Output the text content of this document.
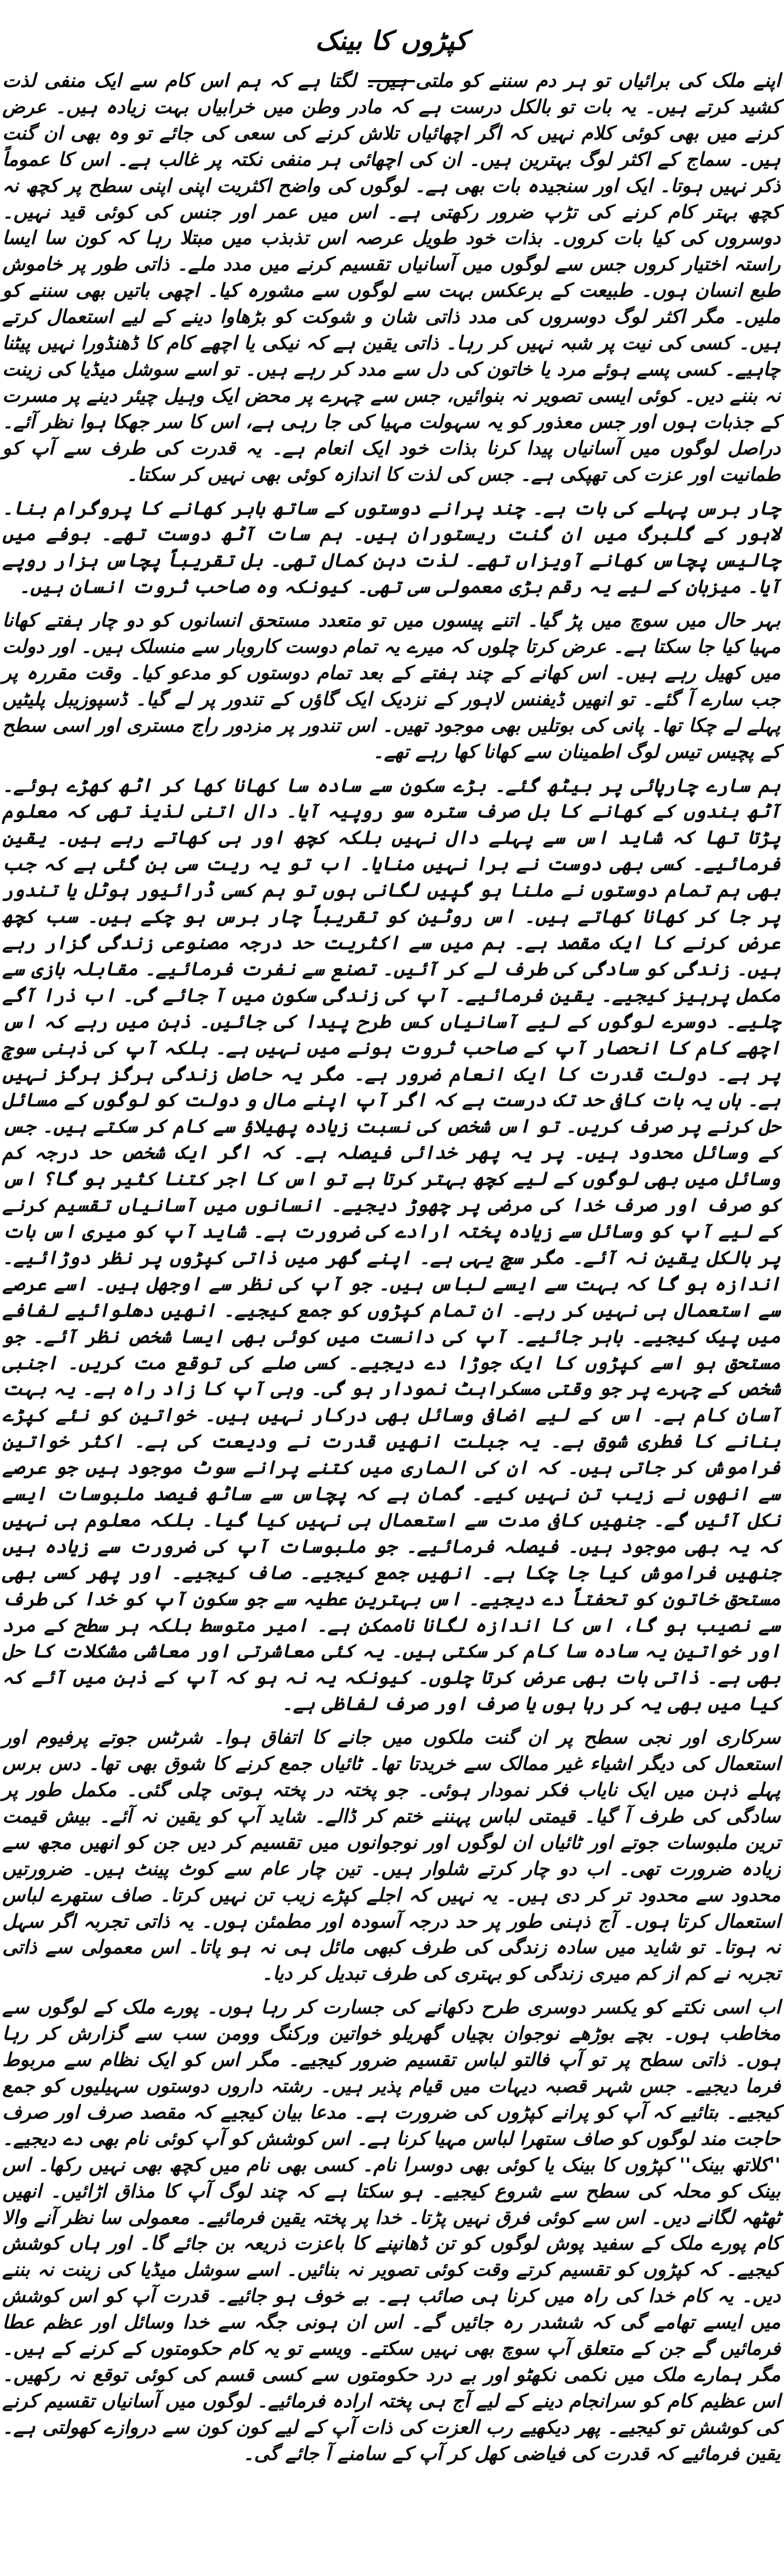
کپڑوں کا بینک

اپنے ملک کی برائیاں تو ہر دم سننے کو ملتی ہیں۔ لگتا ہے کہ ہم اس کام سے ایک منفی لذت کشید کرتے ہیں۔ یہ بات تو بالکل درست ہے کہ مادر وطن میں خرابیاں بہت زیادہ ہیں۔ عرض کرنے میں بھی کوئی کلام نہیں کہ اگر اچھائیاں تلاش کرنے کی سعی کی جائے تو وہ بھی ان گنت ہیں۔ سماج کے اکثر لوگ بہترین ہیں۔ ان کی اچھائی ہر منفی نکتہ پر غالب ہے۔ اس کا عموماً ذکر نہیں ہوتا۔ ایک اور سنجیدہ بات بھی ہے۔ لوگوں کی واضح اکثریت اپنی اپنی سطح پر کچھ نہ کچھ بہتر کام کرنے کی تڑپ ضرور رکھتی ہے۔ اس میں عمر اور جنس کی کوئی قید نہیں۔ دوسروں کی کیا بات کروں۔ بذات خود طویل عرصہ اس تذبذب میں مبتلا رہا کہ کون سا ایسا راستہ اختیار کروں جس سے لوگوں میں آسانیاں تقسیم کرنے میں مدد ملے۔ ذاتی طور پر خاموش طبع انسان ہوں۔ طبیعت کے برعکس بہت سے لوگوں سے مشورہ کیا۔ اچھی باتیں بھی سننے کو ملیں۔ مگر اکثر لوگ دوسروں کی مدد ذاتی شان و شوکت کو بڑھاوا دینے کے لیے استعمال کرتے ہیں۔ کسی کی نیت پر شبہ نہیں کر رہا۔ ذاتی یقین ہے کہ نیکی یا اچھے کام کا ڈھنڈورا نہیں پیٹنا چاہیے۔ کسی پسے ہوئے مرد یا خاتون کی دل سے مدد کر رہے ہیں۔ تو اسے سوشل میڈیا کی زینت نہ بننے دیں۔ کوئی ایسی تصویر نہ بنوائیں، جس سے چہرے پر محض ایک وہیل چیئر دینے پر مسرت کے جذبات ہوں اور جس معذور کو یہ سہولت مہیا کی جا رہی ہے، اس کا سر جھکا ہوا نظر آئے۔ دراصل لوگوں میں آسانیاں پیدا کرنا بذات خود ایک انعام ہے۔ یہ قدرت کی طرف سے آپ کو طمانیت اور عزت کی تھپکی ہے۔ جس کی لذت کا اندازہ کوئی بھی نہیں کر سکتا۔

چار برس پہلے کی بات ہے۔ چند پرانے دوستوں کے ساتھ باہر کھانے کا پروگرام بنا۔ لاہور کے گلبرگ میں ان گنت ریستوران ہیں۔ ہم سات آٹھ دوست تھے۔ بوفے میں چالیس پچاس کھانے آویزاں تھے۔ لذت دہن کمال تھی۔ بل تقریباً پچاس ہزار روپے آیا۔ میزبان کے لیے یہ رقم بڑی معمولی سی تھی۔ کیونکہ وہ صاحب ثروت انسان ہیں۔

بہر حال میں سوچ میں پڑ گیا۔ اتنے پیسوں میں تو متعدد مستحق انسانوں کو دو چار ہفتے کھانا مہیا کیا جا سکتا ہے۔ عرض کرتا چلوں کہ میرے یہ تمام دوست کاروبار سے منسلک ہیں۔ اور دولت میں کھیل رہے ہیں۔ اس کھانے کے چند ہفتے کے بعد تمام دوستوں کو مدعو کیا۔ وقت مقررہ پر جب سارے آ گئے۔ تو انھیں ڈیفنس لاہور کے نزدیک ایک گاؤں کے تندور پر لے گیا۔ ڈسپوزیبل پلیٹیں پہلے لے چکا تھا۔ پانی کی بوتلیں بھی موجود تھیں۔ اس تندور پر مزدور راج مستری اور اسی سطح کے پچیس تیس لوگ اطمینان سے کھانا کھا رہے تھے۔

ہم سارے چارپائی پر بیٹھ گئے۔ بڑے سکون سے سادہ سا کھانا کھا کر اٹھ کھڑے ہوئے۔ آٹھ بندوں کے کھانے کا بل صرف سترہ سو روپیہ آیا۔ دال اتنی لذیذ تھی کہ معلوم پڑتا تھا کہ شاید اس سے پہلے دال نہیں بلکہ کچھ اور ہی کھاتے رہے ہیں۔ یقین فرمائیے۔ کسی بھی دوست نے برا نہیں منایا۔ اب تو یہ ریت سی بن گئی ہے کہ جب بھی ہم تمام دوستوں نے ملنا ہو گپیں لگانی ہوں تو ہم کسی ڈرائیور ہوٹل یا تندور پر جا کر کھانا کھاتے ہیں۔ اس روٹین کو تقریباً چار برس ہو چکے ہیں۔ سب کچھ عرض کرنے کا ایک مقصد ہے۔ ہم میں سے اکثریت حد درجہ مصنوعی زندگی گزار رہے ہیں۔ زندگی کو سادگی کی طرف لے کر آئیں۔ تصنع سے نفرت فرمائیے۔ مقابلہ بازی سے مکمل پرہیز کیجیے۔ یقین فرمائیے۔ آپ کی زندگی سکون میں آ جائے گی۔ اب ذرا آگے چلیے۔ دوسرے لوگوں کے لیے آسانیاں کس طرح پیدا کی جائیں۔ ذہن میں رہے کہ اس اچھے کام کا انحصار آپ کے صاحب ثروت ہونے میں نہیں ہے۔ بلکہ آپ کی ذہنی سوچ پر ہے۔ دولت قدرت کا ایک انعام ضرور ہے۔ مگر یہ حاصل زندگی ہرگز ہرگز نہیں ہے۔ ہاں یہ بات کافی حد تک درست ہے کہ اگر آپ اپنے مال و دولت کو لوگوں کے مسائل حل کرنے پر صرف کریں۔ تو اس شخص کی نسبت زیادہ پھیلاؤ سے کام کر سکتے ہیں۔ جس کے وسائل محدود ہیں۔ پر یہ پھر خدائی فیصلہ ہے۔ کہ اگر ایک شخص حد درجہ کم وسائل میں بھی لوگوں کے لیے کچھ بہتر کرتا ہے تو اس کا اجر کتنا کثیر ہو گا؟ اس کو صرف اور صرف خدا کی مرضی پر چھوڑ دیجیے۔ انسانوں میں آسانیاں تقسیم کرنے کے لیے آپ کو وسائل سے زیادہ پختہ ارادے کی ضرورت ہے۔ شاید آپ کو میری اس بات پر بالکل یقین نہ آئے۔ مگر سچ یہی ہے۔ اپنے گھر میں ذاتی کپڑوں پر نظر دوڑائیے۔ اندازہ ہو گا کہ بہت سے ایسے لباس ہیں۔ جو آپ کی نظر سے اوجھل ہیں۔ اسے عرصے سے استعمال ہی نہیں کر رہے۔ ان تمام کپڑوں کو جمع کیجیے۔ انھیں دھلوائیے لفافے میں پیک کیجیے۔ باہر جائیے۔ آپ کی دانست میں کوئی بھی ایسا شخص نظر آئے۔ جو مستحق ہو اسے کپڑوں کا ایک جوڑا دے دیجیے۔ کسی صلے کی توقع مت کریں۔ اجنبی شخص کے چہرے پر جو وقتی مسکراہٹ نمودار ہو گی۔ وہی آپ کا زاد راہ ہے۔ یہ بہت آسان کام ہے۔ اس کے لیے اضافی وسائل بھی درکار نہیں ہیں۔ خواتین کو نئے کپڑے بنانے کا فطری شوق ہے۔ یہ جبلت انھیں قدرت نے ودیعت کی ہے۔ اکثر خواتین فراموش کر جاتی ہیں۔ کہ ان کی الماری میں کتنے پرانے سوٹ موجود ہیں جو عرصے سے انھوں نے زیب تن نہیں کیے۔ گمان ہے کہ پچاس سے ساٹھ فیصد ملبوسات ایسے نکل آئیں گے۔ جنھیں کافی مدت سے استعمال ہی نہیں کیا گیا۔ بلکہ معلوم ہی نہیں کہ یہ بھی موجود ہیں۔ فیصلہ فرمائیے۔ جو ملبوسات آپ کی ضرورت سے زیادہ ہیں جنھیں فراموش کیا جا چکا ہے۔ انھیں جمع کیجیے۔ صاف کیجیے۔ اور پھر کسی بھی مستحق خاتون کو تحفتاً دے دیجیے۔ اس بہترین عطیہ سے جو سکون آپ کو خدا کی طرف سے نصیب ہو گا، اس کا اندازہ لگانا ناممکن ہے۔ امیر متوسط بلکہ ہر سطح کے مرد اور خواتین یہ سادہ سا کام کر سکتی ہیں۔ یہ کئی معاشرتی اور معاشی مشکلات کا حل بھی ہے۔ ذاتی بات بھی عرض کرتا چلوں۔ کیونکہ یہ نہ ہو کہ آپ کے ذہن میں آئے کہ کیا میں بھی یہ کر رہا ہوں یا صرف اور صرف لفاظی ہے۔

سرکاری اور نجی سطح پر ان گنت ملکوں میں جانے کا اتفاق ہوا۔ شرٹس جوتے پرفیوم اور استعمال کی دیگر اشیاء غیر ممالک سے خریدتا تھا۔ ٹائیاں جمع کرنے کا شوق بھی تھا۔ دس برس پہلے ذہن میں ایک نایاب فکر نمودار ہوئی۔ جو پختہ در پختہ ہوتی چلی گئی۔ مکمل طور پر سادگی کی طرف آ گیا۔ قیمتی لباس پہننے ختم کر ڈالے۔ شاید آپ کو یقین نہ آئے۔ بیش قیمت ترین ملبوسات جوتے اور ٹائیاں ان لوگوں اور نوجوانوں میں تقسیم کر دیں جن کو انھیں مجھ سے زیادہ ضرورت تھی۔ اب دو چار کرتے شلوار ہیں۔ تین چار عام سے کوٹ پینٹ ہیں۔ ضرورتیں محدود سے محدود تر کر دی ہیں۔ یہ نہیں کہ اجلے کپڑے زیب تن نہیں کرتا۔ صاف ستھرے لباس استعمال کرتا ہوں۔ آج ذہنی طور پر حد درجہ آسودہ اور مطمئن ہوں۔ یہ ذاتی تجربہ اگر سہل نہ ہوتا۔ تو شاید میں سادہ زندگی کی طرف کبھی مائل ہی نہ ہو پاتا۔ اس معمولی سے ذاتی تجربہ نے کم از کم میری زندگی کو بہتری کی طرف تبدیل کر دیا۔

اب اسی نکتے کو یکسر دوسری طرح دکھانے کی جسارت کر رہا ہوں۔ پورے ملک کے لوگوں سے مخاطب ہوں۔ بچے بوڑھے نوجوان بچیاں گھریلو خواتین ورکنگ وومن سب سے گزارش کر رہا ہوں۔ ذاتی سطح پر تو آپ فالتو لباس تقسیم ضرور کیجیے۔ مگر اس کو ایک نظام سے مربوط فرما دیجیے۔ جس شہر قصبہ دیہات میں قیام پذیر ہیں۔ رشتہ داروں دوستوں سہیلیوں کو جمع کیجیے۔ بتائیے کہ آپ کو پرانے کپڑوں کی ضرورت ہے۔ مدعا بیان کیجیے کہ مقصد صرف اور صرف حاجت مند لوگوں کو صاف ستھرا لباس مہیا کرنا ہے۔ اس کوشش کو آپ کوئی نام بھی دے دیجیے۔ ''کلاتھ بینک'' کپڑوں کا بینک یا کوئی بھی دوسرا نام۔ کسی بھی نام میں کچھ بھی نہیں رکھا۔ اس بینک کو محلہ کی سطح سے شروع کیجیے۔ ہو سکتا ہے کہ چند لوگ آپ کا مذاق اڑائیں۔ انھیں ٹھٹھہ لگانے دیں۔ اس سے کوئی فرق نہیں پڑتا۔ خدا پر پختہ یقین فرمائیے۔ معمولی سا نظر آنے والا کام پورے ملک کے سفید پوش لوگوں کو تن ڈھانپنے کا باعزت ذریعہ بن جائے گا۔ اور ہاں کوشش کیجیے۔ کہ کپڑوں کو تقسیم کرتے وقت کوئی تصویر نہ بنائیں۔ اسے سوشل میڈیا کی زینت نہ بننے دیں۔ یہ کام خدا کی راہ میں کرنا ہی صائب ہے۔ بے خوف ہو جائیے۔ قدرت آپ کو اس کوشش میں ایسے تھامے گی کہ ششدر رہ جائیں گے۔ اس ان ہونی جگہ سے خدا وسائل اور عظم عطا فرمائیں گے جن کے متعلق آپ سوچ بھی نہیں سکتے۔ ویسے تو یہ کام حکومتوں کے کرنے کے ہیں۔ مگر ہمارے ملک میں نکمی نکھٹو اور بے درد حکومتوں سے کسی قسم کی کوئی توقع نہ رکھیں۔ اس عظیم کام کو سرانجام دینے کے لیے آج ہی پختہ ارادہ فرمائیے۔ لوگوں میں آسانیاں تقسیم کرنے کی کوشش تو کیجیے۔ پھر دیکھیے رب العزت کی ذات آپ کے لیے کون کون سے دروازے کھولتی ہے۔ یقین فرمائیے کہ قدرت کی فیاضی کھل کر آپ کے سامنے آ جائے گی۔
